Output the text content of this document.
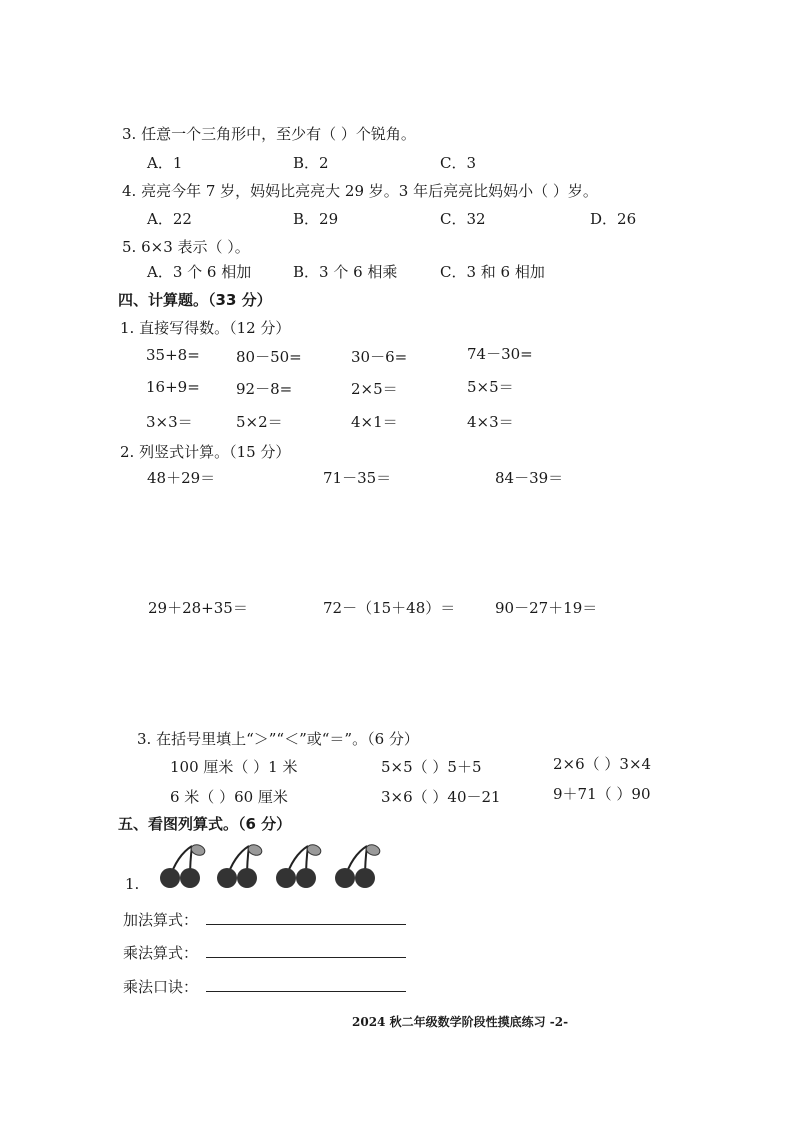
3. 任意一个三角形中，至少有（ ）个锐角。
A．1	B．2	C．3
4. 亮亮今年 7 岁，妈妈比亮亮大 29 岁。3 年后亮亮比妈妈小（ ）岁。
A．22	B．29	C．32	D．26
5. 6×3 表示（ ）。
A．3 个 6 相加	B．3 个 6 相乘	C．3 和 6 相加
四、计算题。（33 分）
1. 直接写得数。（12 分）
35+8= 80－50=	30－6=	74－30=
16+9= 92－8=	2×5＝	5×5＝
3×3＝	5×2＝	4×1＝	4×3＝
2. 列竖式计算。（15 分）
48＋29＝	71－35＝	84－39＝
29＋28+35＝	72－（15＋48）＝	90－27＋19＝
3. 在括号里填上“＞”“＜”或“＝”。（6 分）
100 厘米（ ）1 米	5×5（ ）5＋5	2×6（ ）3×4
6 米（ ）60 厘米	3×6（ ）40－21	9＋71（ ）90
五、看图列算式。（6 分）
1.
加法算式：
乘法算式：
乘法口诀：
2024 秋二年级数学阶段性摸底练习 -2-
